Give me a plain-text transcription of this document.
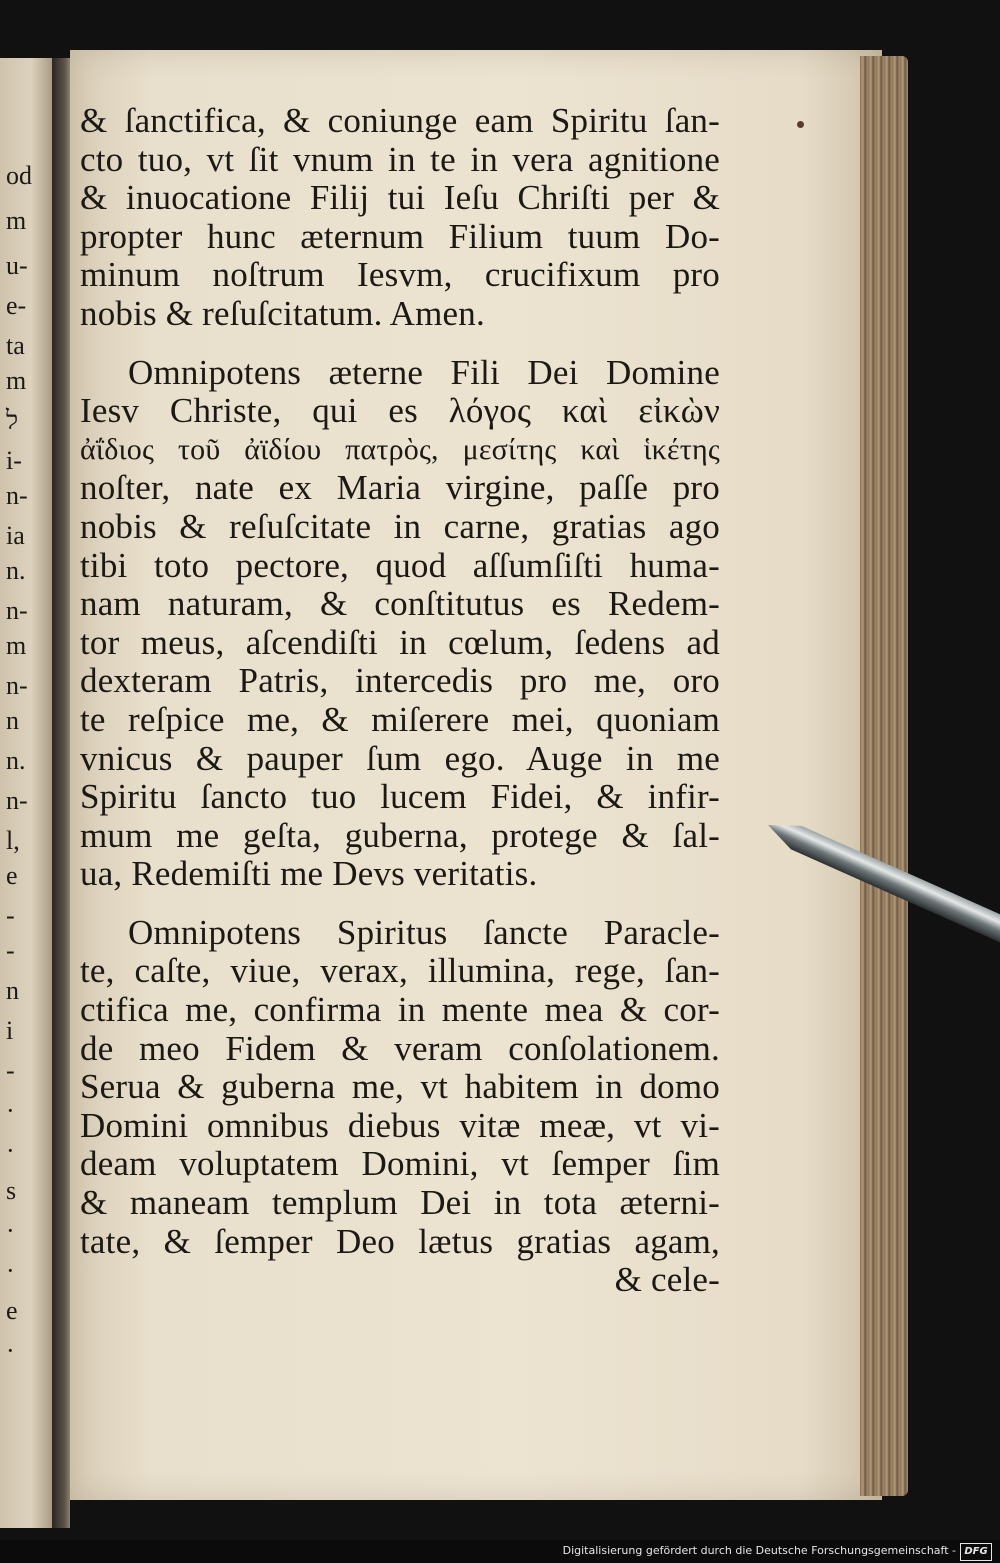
od
m
u-
e-
ta
m
ל
i-
n-
ia
n.
n-
m
n-
n
n.
n-
l,
e
-
-
n
i
-
·
·
s
·
·
e
·
& ſanctifica, & coniunge eam Spiritu ſan-
cto tuo, vt ſit vnum in te in vera agnitione
& inuocatione Filij tui Ieſu Chriſti per &
propter hunc æternum Filium tuum Do-
minum noſtrum Iesvm, crucifixum pro
nobis & reſuſcitatum. Amen.
Omnipotens æterne Fili Dei Domine
Iesv Christe, qui es λόγος καὶ εἰκὼν
ἀΐδιος τοῦ ἀϊδίου πατρὸς, μεσίτης καὶ ἱκέτης
noſter, nate ex Maria virgine, paſſe pro
nobis & reſuſcitate in carne, gratias ago
tibi toto pectore, quod aſſumſiſti huma-
nam naturam, & conſtitutus es Redem-
tor meus, aſcendiſti in cœlum, ſedens ad
dexteram Patris, intercedis pro me, oro
te reſpice me, & miſerere mei, quoniam
vnicus & pauper ſum ego. Auge in me
Spiritu ſancto tuo lucem Fidei, & infir-
mum me geſta, guberna, protege & ſal-
ua, Redemiſti me Devs veritatis.
Omnipotens Spiritus ſancte Paracle-
te, caſte, viue, verax, illumina, rege, ſan-
ctifica me, confirma in mente mea & cor-
de meo Fidem & veram conſolationem.
Serua & guberna me, vt habitem in domo
Domini omnibus diebus vitæ meæ, vt vi-
deam voluptatem Domini, vt ſemper ſim
& maneam templum Dei in tota æterni-
tate, & ſemper Deo lætus gratias agam,
& cele-
Digitalisierung gefördert durch die Deutsche Forschungsgemeinschaft - DFG
